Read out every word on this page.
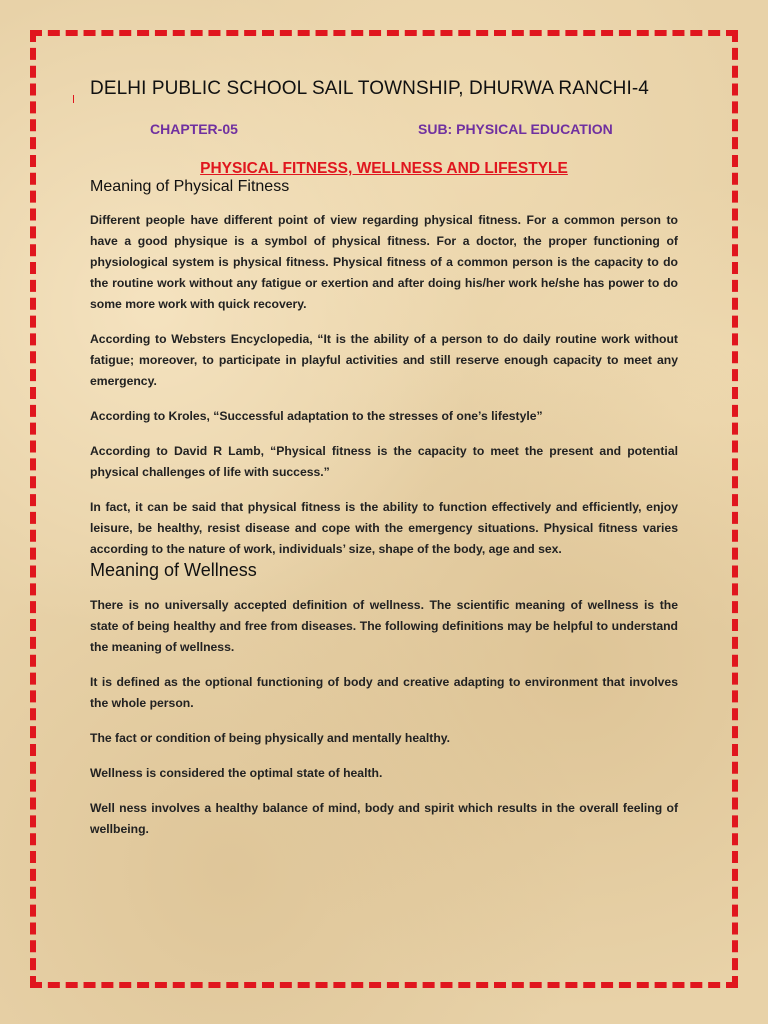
DELHI PUBLIC SCHOOL SAIL TOWNSHIP, DHURWA RANCHI-4
CHAPTER-05	SUB: PHYSICAL EDUCATION
PHYSICAL FITNESS, WELLNESS AND LIFESTYLE
Meaning of Physical Fitness

Different people have different point of view regarding physical fitness. For a common person to have a good physique is a symbol of physical fitness. For a doctor, the proper functioning of physiological system is physical fitness. Physical fitness of a common person is the capacity to do the routine work without any fatigue or exertion and after doing his/her work he/she has power to do some more work with quick recovery.

According to Websters Encyclopedia, “It is the ability of a person to do daily routine work without fatigue; moreover, to participate in playful activities and still reserve enough capacity to meet any emergency.

According to Kroles, “Successful adaptation to the stresses of one’s lifestyle”

According to David R Lamb, “Physical fitness is the capacity to meet the present and potential physical challenges of life with success.”

In fact, it can be said that physical fitness is the ability to function effectively and efficiently, enjoy leisure, be healthy, resist disease and cope with the emergency situations. Physical fitness varies according to the nature of work, individuals’ size, shape of the body, age and sex.

Meaning of Wellness

There is no universally accepted definition of wellness. The scientific meaning of wellness is the state of being healthy and free from diseases. The following definitions may be helpful to understand the meaning of wellness.

It is defined as the optional functioning of body and creative adapting to environment that involves the whole person.

The fact or condition of being physically and mentally healthy.

Wellness is considered the optimal state of health.

Well ness involves a healthy balance of mind, body and spirit which results in the overall feeling of wellbeing.
